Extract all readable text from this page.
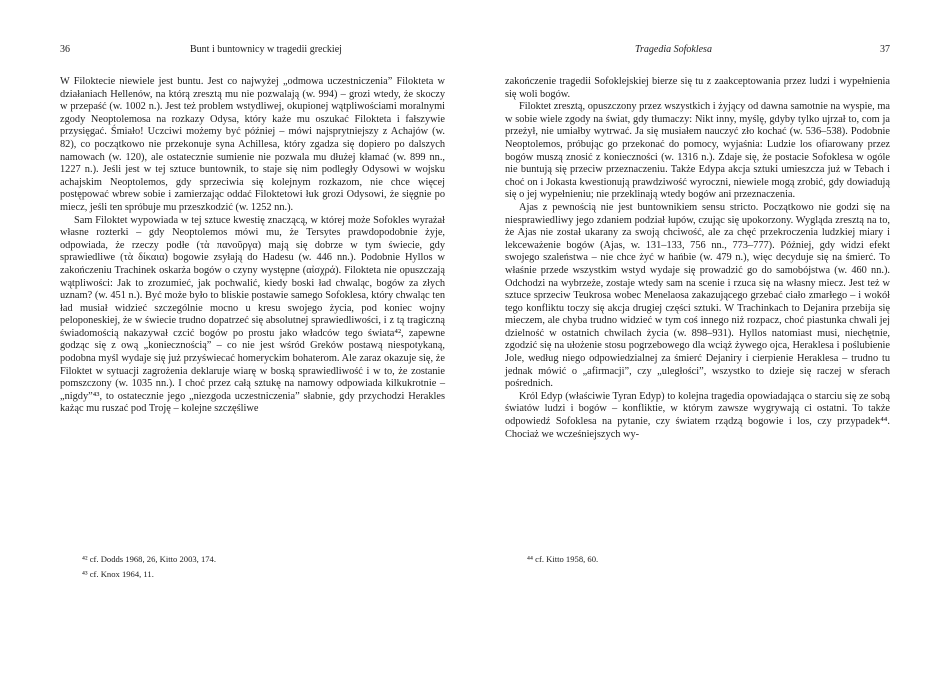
36	Bunt i buntownicy w tragedii greckiej

W Filoktecie niewiele jest buntu. Jest co najwyżej „odmowa uczestniczenia” Filokteta w działaniach Hellenów, na którą zresztą mu nie pozwalają (w. 994) – grozi wtedy, że skoczy w przepaść (w. 1002 n.). Jest też problem wstydliwej, okupionej wątpliwościami moralnymi zgody Neoptolemosa na rozkazy Odysa, który każe mu oszukać Filokteta i fałszywie przysięgać. Śmiało! Uczciwi możemy być później – mówi najsprytniejszy z Achajów (w. 82), co początkowo nie przekonuje syna Achillesa, który zgadza się dopiero po dalszych namowach (w. 120), ale ostatecznie sumienie nie pozwala mu dłużej kłamać (w. 899 nn., 1227 n.). Jeśli jest w tej sztuce buntownik, to staje się nim podległy Odysowi w wojsku achajskim Neoptolemos, gdy sprzeciwia się kolejnym rozkazom, nie chce więcej postępować wbrew sobie i zamierzając oddać Filoktetowi łuk grozi Odysowi, że sięgnie po miecz, jeśli ten spróbuje mu przeszkodzić (w. 1252 nn.).

Sam Filoktet wypowiada w tej sztuce kwestię znaczącą, w której może Sofokles wyrażał własne rozterki – gdy Neoptolemos mówi mu, że Tersytes prawdopodobnie żyje, odpowiada, że rzeczy podłe (τὰ πανοῦργα) mają się dobrze w tym świecie, gdy sprawiedliwe (τὰ δίκαια) bogowie zsyłają do Hadesu (w. 446 nn.). Podobnie Hyllos w zakończeniu Trachinek oskarża bogów o czyny występne (αἰσχρά). Filokteta nie opuszczają wątpliwości: Jak to zrozumieć, jak pochwalić, kiedy boski ład chwaląc, bogów za złych uznam? (w. 451 n.). Być może było to bliskie postawie samego Sofoklesa, który chwaląc ten ład musiał widzieć szczególnie mocno u kresu swojego życia, pod koniec wojny peloponeskiej, że w świecie trudno dopatrzeć się absolutnej sprawiedliwości, i z tą tragiczną świadomością nakazywał czcić bogów po prostu jako władców tego świata⁴², zapewne godząc się z ową „koniecznością” – co nie jest wśród Greków postawą niespotykaną, podobna myśl wydaje się już przyświecać homeryckim bohaterom. Ale zaraz okazuje się, że Filoktet w sytuacji zagrożenia deklaruje wiarę w boską sprawiedliwość i w to, że zostanie pomszczony (w. 1035 nn.). I choć przez całą sztukę na namowy odpowiada kilkukrotnie – „nigdy”⁴³, to ostatecznie jego „niezgoda uczestniczenia” słabnie, gdy przychodzi Herakles każąc mu ruszać pod Troję – kolejne szczęśliwe

⁴² cf. Dodds 1968, 26, Kitto 2003, 174.

⁴³ cf. Knox 1964, 11.

Tragedia Sofoklesa	37

zakończenie tragedii Sofoklejskiej bierze się tu z zaakceptowania przez ludzi i wypełnienia się woli bogów.

Filoktet zresztą, opuszczony przez wszystkich i żyjący od dawna samotnie na wyspie, ma w sobie wiele zgody na świat, gdy tłumaczy: Nikt inny, myślę, gdyby tylko ujrzał to, com ja przeżył, nie umiałby wytrwać. Ja się musiałem nauczyć zło kochać (w. 536–538). Podobnie Neoptolemos, próbując go przekonać do pomocy, wyjaśnia: Ludzie los ofiarowany przez bogów muszą znosić z konieczności (w. 1316 n.). Zdaje się, że postacie Sofoklesa w ogóle nie buntują się przeciw przeznaczeniu. Także Edypa akcja sztuki umieszcza już w Tebach i choć on i Jokasta kwestionują prawdziwość wyroczni, niewiele mogą zrobić, gdy dowiadują się o jej wypełnieniu; nie przeklinają wtedy bogów ani przeznaczenia.

Ajas z pewnością nie jest buntownikiem sensu stricto. Początkowo nie godzi się na niesprawiedliwy jego zdaniem podział łupów, czując się upokorzony. Wygląda zresztą na to, że Ajas nie został ukarany za swoją chciwość, ale za chęć przekroczenia ludzkiej miary i lekceważenie bogów (Ajas, w. 131–133, 756 nn., 773–777). Później, gdy widzi efekt swojego szaleństwa – nie chce żyć w hańbie (w. 479 n.), więc decyduje się na śmierć. To właśnie przede wszystkim wstyd wydaje się prowadzić go do samobójstwa (w. 460 nn.). Odchodzi na wybrzeże, zostaje wtedy sam na scenie i rzuca się na własny miecz. Jest też w sztuce sprzeciw Teukrosa wobec Menelaosa zakazującego grzebać ciało zmarłego – i wokół tego konfliktu toczy się akcja drugiej części sztuki. W Trachinkach to Dejanira przebija się mieczem, ale chyba trudno widzieć w tym coś innego niż rozpacz, choć piastunka chwali jej dzielność w ostatnich chwilach życia (w. 898–931). Hyllos natomiast musi, niechętnie, zgodzić się na ułożenie stosu pogrzebowego dla wciąż żywego ojca, Heraklesa i poślubienie Jole, według niego odpowiedzialnej za śmierć Dejaniry i cierpienie Heraklesa – trudno tu jednak mówić o „afirmacji”, czy „uległości”, wszystko to dzieje się raczej w sferach pośrednich.

Król Edyp (właściwie Tyran Edyp) to kolejna tragedia opowiadająca o starciu się ze sobą światów ludzi i bogów – konfliktie, w którym zawsze wygrywają ci ostatni. To także odpowiedź Sofoklesa na pytanie, czy światem rządzą bogowie i los, czy przypadek⁴⁴. Chociaż we wcześniejszych wy-

⁴⁴ cf. Kitto 1958, 60.
